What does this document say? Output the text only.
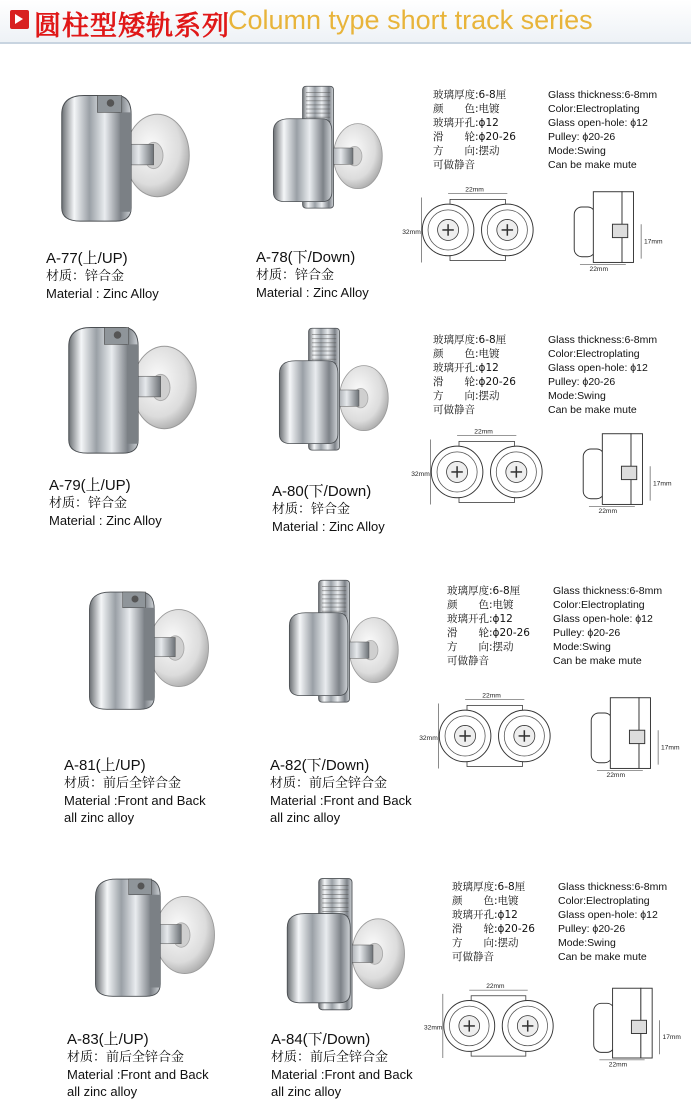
圆柱型矮轨系列
Column type short track series
A-77(上/UP)
材质：锌合金
Material : Zinc Alloy
A-78(下/Down)
材质：锌合金
Material : Zinc Alloy
A-79(上/UP)
材质：锌合金
Material : Zinc Alloy
A-80(下/Down)
材质：锌合金
Material : Zinc Alloy
A-81(上/UP)
材质：前后全锌合金
Material :Front and Back
all zinc alloy
A-82(下/Down)
材质：前后全锌合金
Material :Front and Back
all zinc alloy
A-83(上/UP)
材质：前后全锌合金
Material :Front and Back
all zinc alloy
A-84(下/Down)
材质：前后全锌合金
Material :Front and Back
all zinc alloy
玻璃厚度:6-8厘
颜　　色:电镀
玻璃开孔:ϕ12
滑　　轮:ϕ20-26
方　　向:摆动
可做静音
Glass thickness:6-8mm
Color:Electroplating
Glass open-hole: ϕ12
Pulley: ϕ20-26
Mode:Swing
Can be make mute
玻璃厚度:6-8厘
颜　　色:电镀
玻璃开孔:ϕ12
滑　　轮:ϕ20-26
方　　向:摆动
可做静音
Glass thickness:6-8mm
Color:Electroplating
Glass open-hole: ϕ12
Pulley: ϕ20-26
Mode:Swing
Can be make mute
玻璃厚度:6-8厘
颜　　色:电镀
玻璃开孔:ϕ12
滑　　轮:ϕ20-26
方　　向:摆动
可做静音
Glass thickness:6-8mm
Color:Electroplating
Glass open-hole: ϕ12
Pulley: ϕ20-26
Mode:Swing
Can be make mute
玻璃厚度:6-8厘
颜　　色:电镀
玻璃开孔:ϕ12
滑　　轮:ϕ20-26
方　　向:摆动
可做静音
Glass thickness:6-8mm
Color:Electroplating
Glass open-hole: ϕ12
Pulley: ϕ20-26
Mode:Swing
Can be make mute
32mm
22mm
17mm
22mm
32mm
22mm
17mm
22mm
32mm
22mm
17mm
22mm
32mm
22mm
17mm
22mm
